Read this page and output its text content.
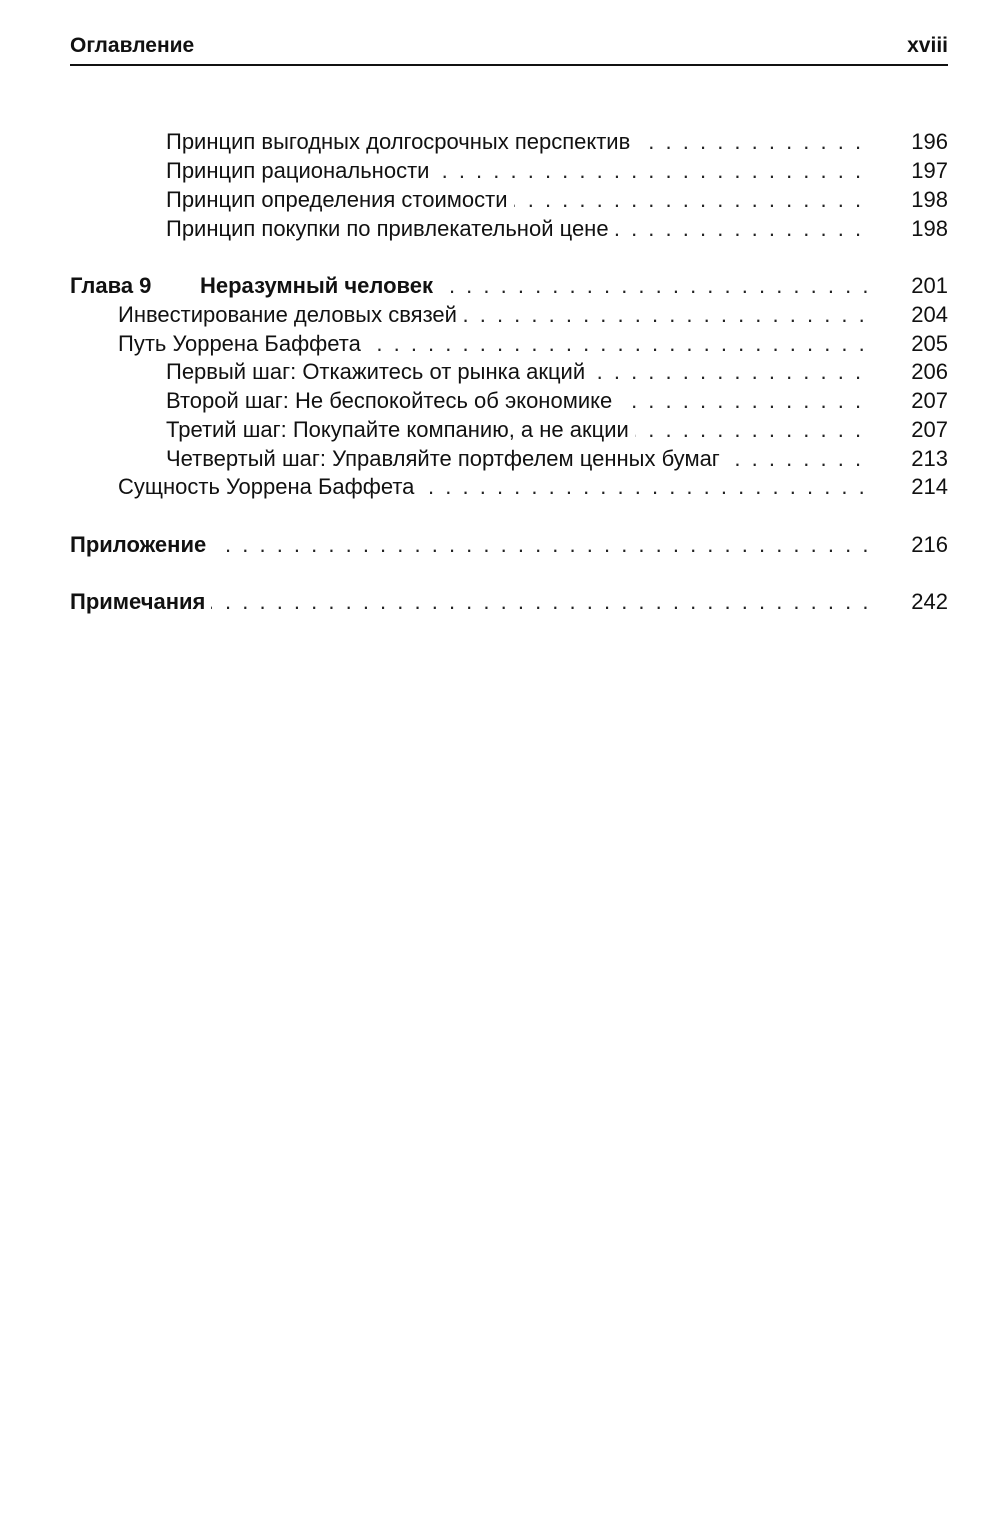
Оглавление	xviii
. . .
Принцип выгодных долгосрочных перспектив	196
. . .
Принцип рациональности	197
. . .
Принцип определения стоимости	198
. . .
Принцип покупки по привлекательной цене	198
. . .
Глава 9 Неразумный человек	201
. . .
Инвестирование деловых связей	204
. . .
Путь Уоррена Баффета	205
. . .
Первый шаг: Откажитесь от рынка акций	206
. . .
Второй шаг: Не беспокойтесь об экономике	207
. . .
Третий шаг: Покупайте компанию, а не акции	207
. . .
Четвертый шаг: Управляйте портфелем ценных бумаг	213
. . .
Сущность Уоррена Баффета	214
. . .
Приложение	216
. . .
Примечания	242
